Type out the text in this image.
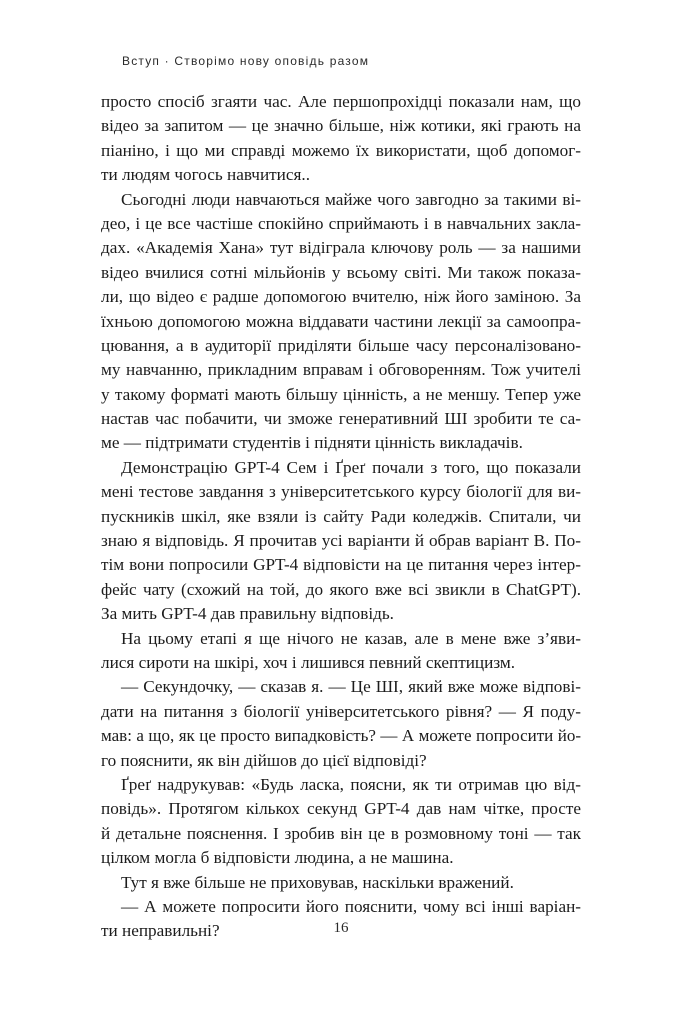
Вступ · Створімо нову оповідь разом
просто спосіб згаяти час. Але першопрохідці показали нам, що
відео за запитом — це значно більше, ніж котики, які грають на
піаніно, і що ми справді можемо їх використати, щоб допомог-
ти людям чогось навчитися..
Сьогодні люди навчаються майже чого завгодно за такими ві-
део, і це все частіше спокійно сприймають і в навчальних закла-
дах. «Академія Хана» тут відіграла ключову роль — за нашими
відео вчилися сотні мільйонів у всьому світі. Ми також показа-
ли, що відео є радше допомогою вчителю, ніж його заміною. За
їхньою допомогою можна віддавати частини лекції за самоопра-
цювання, а в аудиторії приділяти більше часу персоналізовано-
му навчанню, прикладним вправам і обговоренням. Тож учителі
у такому форматі мають більшу цінність, а не меншу. Тепер уже
настав час побачити, чи зможе генеративний ШІ зробити те са-
ме — підтримати студентів і підняти цінність викладачів.
Демонстрацію GPT-4 Сем і Ґреґ почали з того, що показали
мені тестове завдання з університетського курсу біології для ви-
пускників шкіл, яке взяли із сайту Ради коледжів. Спитали, чи
знаю я відповідь. Я прочитав усі варіанти й обрав варіант B. По-
тім вони попросили GPT-4 відповісти на це питання через інтер-
фейс чату (схожий на той, до якого вже всі звикли в ChatGPT).
За мить GPT-4 дав правильну відповідь.
На цьому етапі я ще нічого не казав, але в мене вже з’яви-
лися сироти на шкірі, хоч і лишився певний скептицизм.
— Секундочку, — сказав я. — Це ШІ, який вже може відпові-
дати на питання з біології університетського рівня? — Я поду-
мав: а що, як це просто випадковість? — А можете попросити йо-
го пояснити, як він дійшов до цієї відповіді?
Ґреґ надрукував: «Будь ласка, поясни, як ти отримав цю від-
повідь». Протягом кількох секунд GPT-4 дав нам чітке, просте
й детальне пояснення. І зробив він це в розмовному тоні — так
цілком могла б відповісти людина, а не машина.
Тут я вже більше не приховував, наскільки вражений.
— А можете попросити його пояснити, чому всі інші варіан-
ти неправильні?	16
